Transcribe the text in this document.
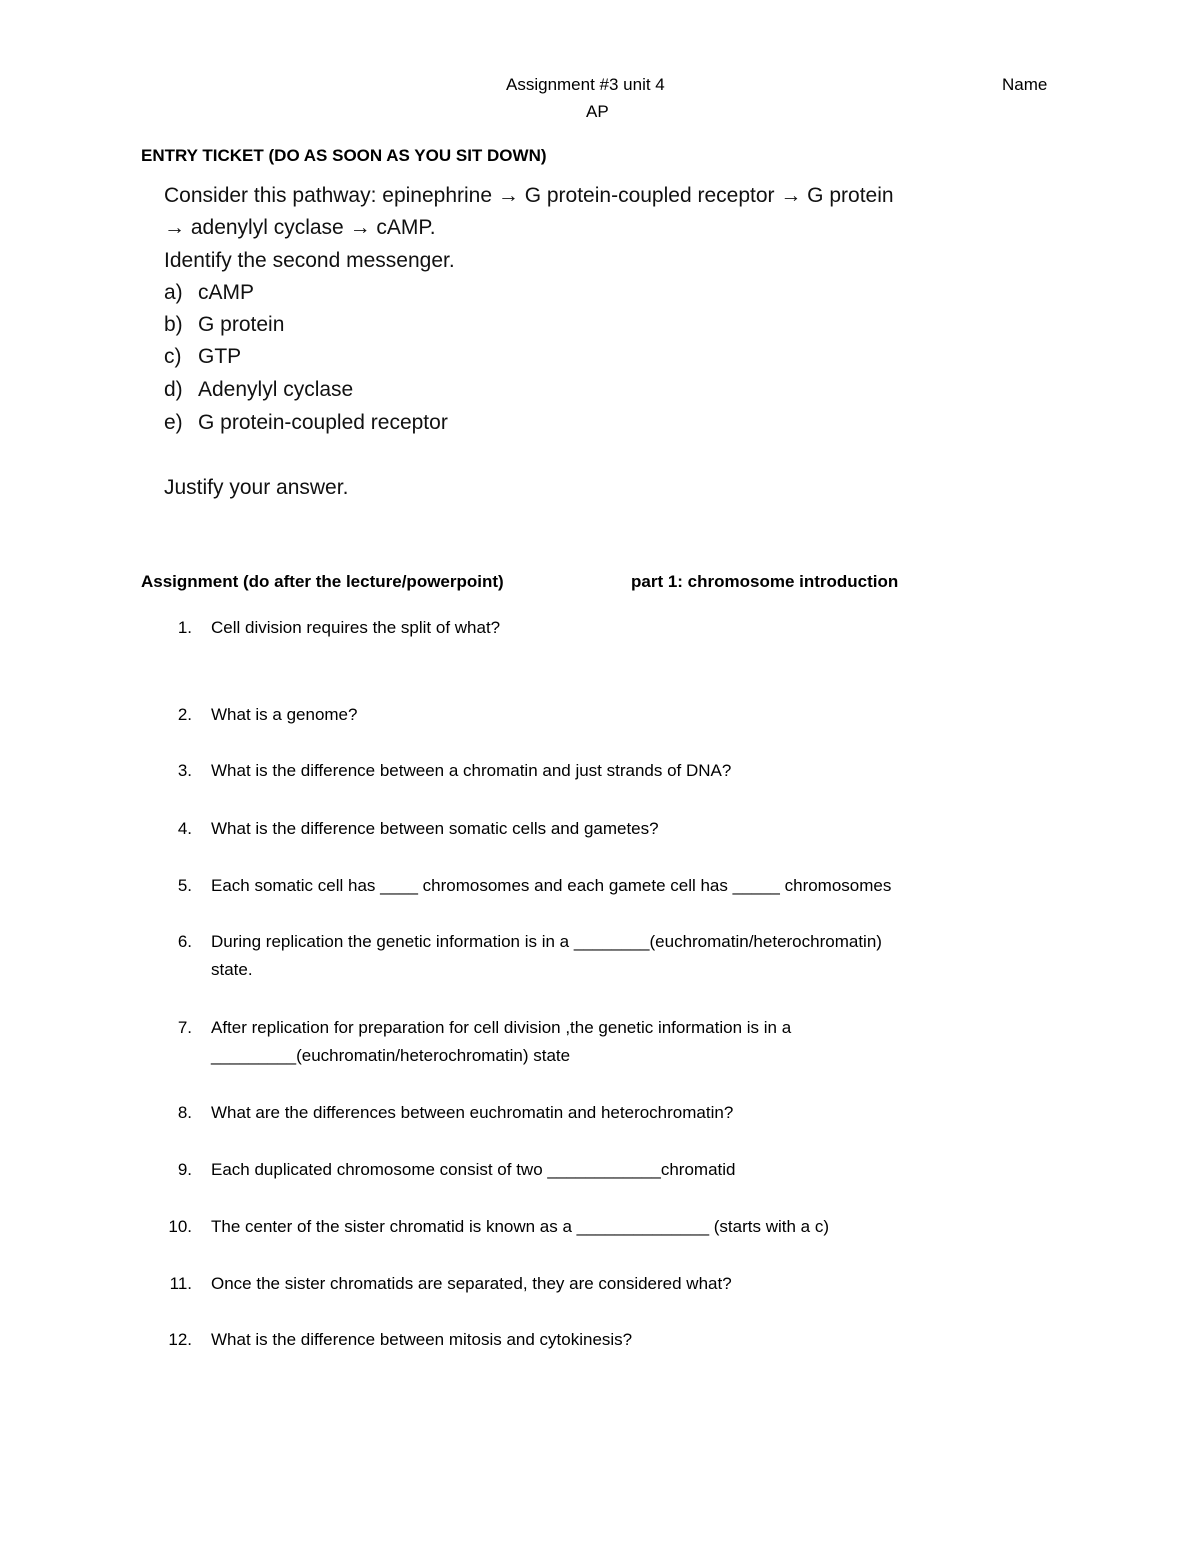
Assignment #3 unit 4
AP
Name
ENTRY TICKET (DO AS SOON AS YOU SIT DOWN)
Consider this pathway: epinephrine → G protein-coupled receptor → G protein
→ adenylyl cyclase → cAMP.
Identify the second messenger.
a) cAMP
b) G protein
c) GTP
d) Adenylyl cyclase
e) G protein-coupled receptor
Justify your answer.
Assignment (do after the lecture/powerpoint)	part 1: chromosome introduction
1. Cell division requires the split of what?
2. What is a genome?
3. What is the difference between a chromatin and just strands of DNA?
4. What is the difference between somatic cells and gametes?
5. Each somatic cell has ____ chromosomes and each gamete cell has _____ chromosomes
6. During replication the genetic information is in a ________(euchromatin/heterochromatin)
state.
7. After replication for preparation for cell division ,the genetic information is in a
_________(euchromatin/heterochromatin) state
8. What are the differences between euchromatin and heterochromatin?
9. Each duplicated chromosome consist of two ____________chromatid
10. The center of the sister chromatid is known as a ______________ (starts with a c)
11. Once the sister chromatids are separated, they are considered what?
12. What is the difference between mitosis and cytokinesis?
